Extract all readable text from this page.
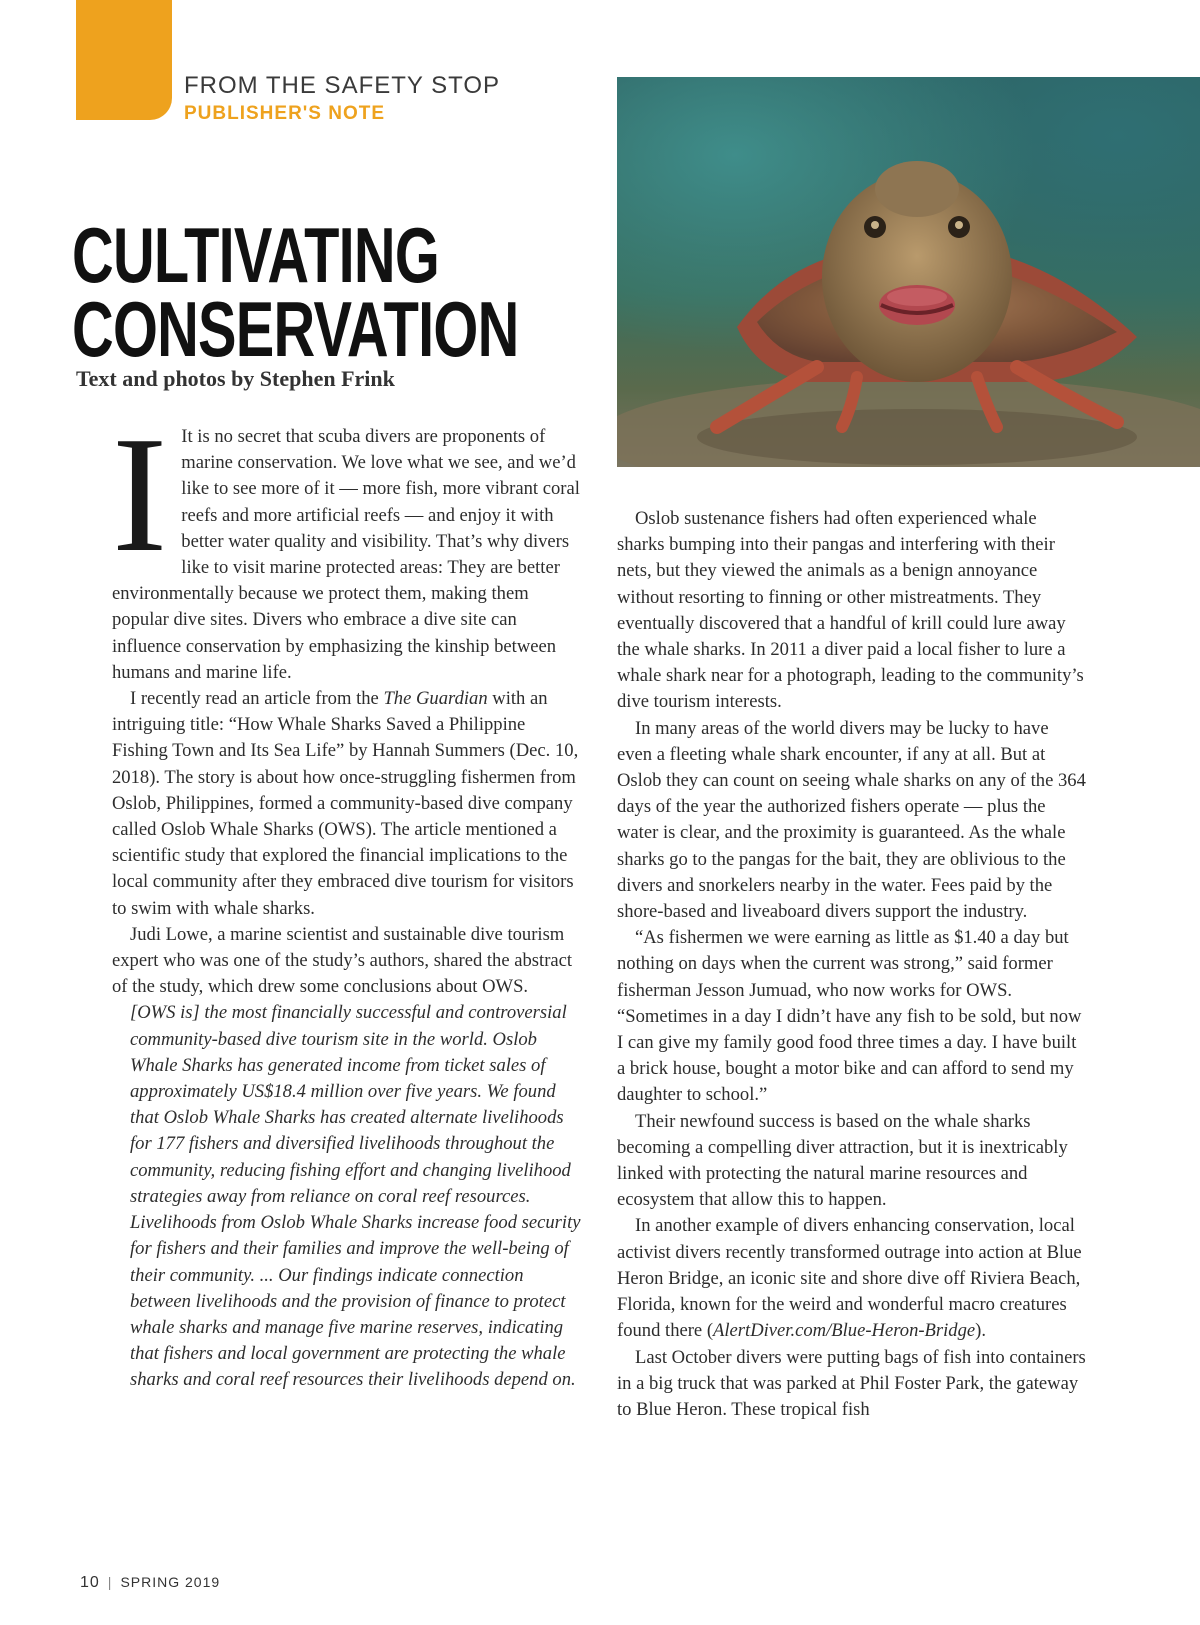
FROM THE SAFETY STOP
PUBLISHER'S NOTE
CULTIVATING
CONSERVATION
Text and photos by Stephen Frink
I It is no secret that scuba divers are proponents of marine conservation. We love what we see, and we’d like to see more of it — more fish, more vibrant coral reefs and more artificial reefs — and enjoy it with better water quality and visibility. That’s why divers like to visit marine protected areas: They are better environmentally because we protect them, making them popular dive sites. Divers who embrace a dive site can influence conservation by emphasizing the kinship between humans and marine life.

I recently read an article from the The Guardian with an intriguing title: “How Whale Sharks Saved a Philippine Fishing Town and Its Sea Life” by Hannah Summers (Dec. 10, 2018). The story is about how once-struggling fishermen from Oslob, Philippines, formed a community-based dive company called Oslob Whale Sharks (OWS). The article mentioned a scientific study that explored the financial implications to the local community after they embraced dive tourism for visitors to swim with whale sharks.

Judi Lowe, a marine scientist and sustainable dive tourism expert who was one of the study’s authors, shared the abstract of the study, which drew some conclusions about OWS.

[OWS is] the most financially successful and controversial community-based dive tourism site in the world. Oslob Whale Sharks has generated income from ticket sales of approximately US$18.4 million over five years. We found that Oslob Whale Sharks has created alternate livelihoods for 177 fishers and diversified livelihoods throughout the community, reducing fishing effort and changing livelihood strategies away from reliance on coral reef resources. Livelihoods from Oslob Whale Sharks increase food security for fishers and their families and improve the well-being of their community. ... Our findings indicate connection between livelihoods and the provision of finance to protect whale sharks and manage five marine reserves, indicating that fishers and local government are protecting the whale sharks and coral reef resources their livelihoods depend on.

Oslob sustenance fishers had often experienced whale sharks bumping into their pangas and interfering with their nets, but they viewed the animals as a benign annoyance without resorting to finning or other mistreatments. They eventually discovered that a handful of krill could lure away the whale sharks. In 2011 a diver paid a local fisher to lure a whale shark near for a photograph, leading to the community’s dive tourism interests.

In many areas of the world divers may be lucky to have even a fleeting whale shark encounter, if any at all. But at Oslob they can count on seeing whale sharks on any of the 364 days of the year the authorized fishers operate — plus the water is clear, and the proximity is guaranteed. As the whale sharks go to the pangas for the bait, they are oblivious to the divers and snorkelers nearby in the water. Fees paid by the shore-based and liveaboard divers support the industry.

“As fishermen we were earning as little as $1.40 a day but nothing on days when the current was strong,” said former fisherman Jesson Jumuad, who now works for OWS. “Sometimes in a day I didn’t have any fish to be sold, but now I can give my family good food three times a day. I have built a brick house, bought a motor bike and can afford to send my daughter to school.”

Their newfound success is based on the whale sharks becoming a compelling diver attraction, but it is inextricably linked with protecting the natural marine resources and ecosystem that allow this to happen.

In another example of divers enhancing conservation, local activist divers recently transformed outrage into action at Blue Heron Bridge, an iconic site and shore dive off Riviera Beach, Florida, known for the weird and wonderful macro creatures found there (AlertDiver.com/Blue-Heron-Bridge).

Last October divers were putting bags of fish into containers in a big truck that was parked at Phil Foster Park, the gateway to Blue Heron. These tropical fish

10 | SPRING 2019
